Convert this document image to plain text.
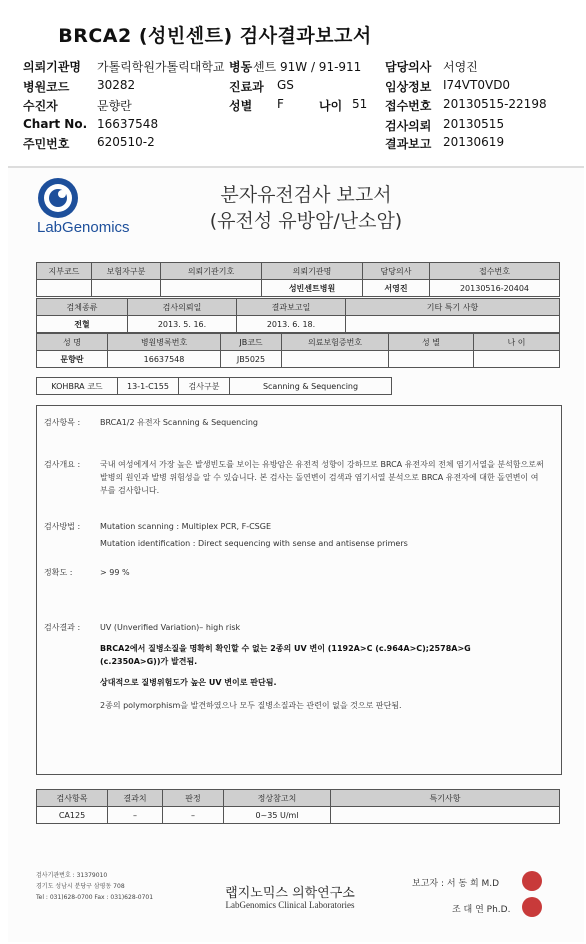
BRCA2 (성빈센트) 검사결과보고서
의뢰기관명 가톨릭학원가톨릭대학교 병동 센트 91W / 91-911 담당의사 서영진
병원코드 30282	진료과 GS	임상정보 I74VT0VD0
수진자	문향란	성별 F	나이 51 접수번호 20130515-22198
Chart No. 16637548	검사의뢰 20130515
주민번호 620510-2	결과보고 20130619
LabGenomics
분자유전검사 보고서
(유전성 유방암/난소암)
지부코드	보험자구분	의뢰기관기호	의뢰기관명	담당의사	접수번호
			성빈센트병원	서영진	20130516-20404
검체종류	검사의뢰일	결과보고일	기타 특기 사항
전혈	2013. 5. 16.	2013. 6. 18.	
성 명	병원병록번호	JB코드	의료보험증번호	성 별	나 이
문향란	16637548	JB5025			
KOHBRA 코드	13-1-C155	검사구분	Scanning & Sequencing
검사항목 : BRCA1/2 유전자 Scanning & Sequencing
검사개요 : 국내 여성에게서 가장 높은 발생빈도를 보이는 유방암은 유전적 성향이 강하므로 BRCA 유전자의 전체 염기서열을 분석함으로써 발병의 원인과 발병 위험성을 알 수 있습니다. 본 검사는 돌연변이 검색과 염기서열 분석으로 BRCA 유전자에 대한 돌연변이 여부를 검사합니다.
검사방법 : Mutation scanning : Multiplex PCR, F-CSGE
Mutation identification : Direct sequencing with sense and antisense primers
정확도 :	> 99 %
검사결과 : UV (Unverified Variation)– high risk
BRCA2에서 질병소질을 명확히 확인할 수 없는 2종의 UV 변이 (1192A>C (c.964A>C);2578A>G (c.2350A>G))가 발견됨.
상대적으로 질병위험도가 높은 UV 변이로 판단됨.
2종의 polymorphism을 발견하였으나 모두 질병소질과는 관련이 없을 것으로 판단됨.
검사항목	결과치	판정	정상참고치	특기사항
CA125	–	–	0~35 U/ml	
검사기관번호 : 31379010
경기도 성남시 분당구 삼평동 708
Tel : 031)628-0700 Fax : 031)628-0701	랩지노믹스 의학연구소
LabGenomics Clinical Laboratories
보고자 : 서 동 희 M.D
조 대 연 Ph.D.
